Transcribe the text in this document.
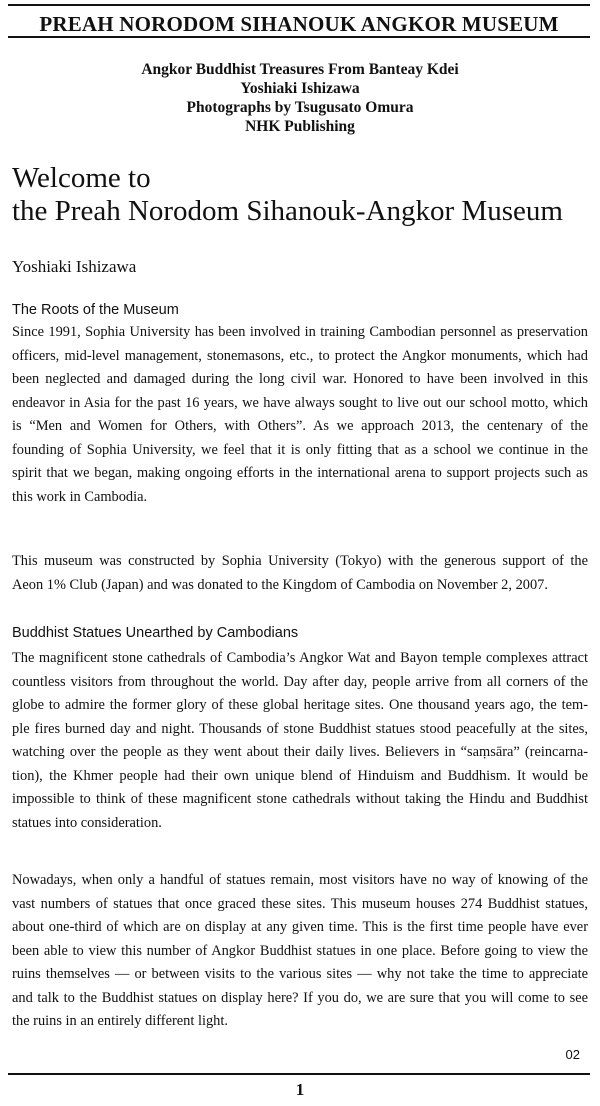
PREAH NORODOM SIHANOUK ANGKOR MUSEUM
Angkor Buddhist Treasures From Banteay Kdei
Yoshiaki Ishizawa
Photographs by Tsugusato Omura
NHK Publishing
Welcome to
the Preah Norodom Sihanouk-Angkor Museum
Yoshiaki Ishizawa
The Roots of the Museum
Since 1991, Sophia University has been involved in training Cambodian personnel as preservation
officers, mid-level management, stonemasons, etc., to protect the Angkor monuments, which had
been neglected and damaged during the long civil war. Honored to have been involved in this
endeavor in Asia for the past 16 years, we have always sought to live out our school motto, which
is “Men and Women for Others, with Others”. As we approach 2013, the centenary of the
founding of Sophia University, we feel that it is only fitting that as a school we continue in the
spirit that we began, making ongoing efforts in the international arena to support projects such as
this work in Cambodia.
This museum was constructed by Sophia University (Tokyo) with the generous support of the
Aeon 1% Club (Japan) and was donated to the Kingdom of Cambodia on November 2, 2007.
Buddhist Statues Unearthed by Cambodians
The magnificent stone cathedrals of Cambodia’s Angkor Wat and Bayon temple complexes attract
countless visitors from throughout the world. Day after day, people arrive from all corners of the
globe to admire the former glory of these global heritage sites. One thousand years ago, the tem-
ple fires burned day and night. Thousands of stone Buddhist statues stood peacefully at the sites,
watching over the people as they went about their daily lives. Believers in “saṃsāra” (reincarna-
tion), the Khmer people had their own unique blend of Hinduism and Buddhism. It would be
impossible to think of these magnificent stone cathedrals without taking the Hindu and Buddhist
statues into consideration.
Nowadays, when only a handful of statues remain, most visitors have no way of knowing of the
vast numbers of statues that once graced these sites. This museum houses 274 Buddhist statues,
about one-third of which are on display at any given time. This is the first time people have ever
been able to view this number of Angkor Buddhist statues in one place. Before going to view the
ruins themselves — or between visits to the various sites — why not take the time to appreciate
and talk to the Buddhist statues on display here? If you do, we are sure that you will come to see
the ruins in an entirely different light.
02
1
